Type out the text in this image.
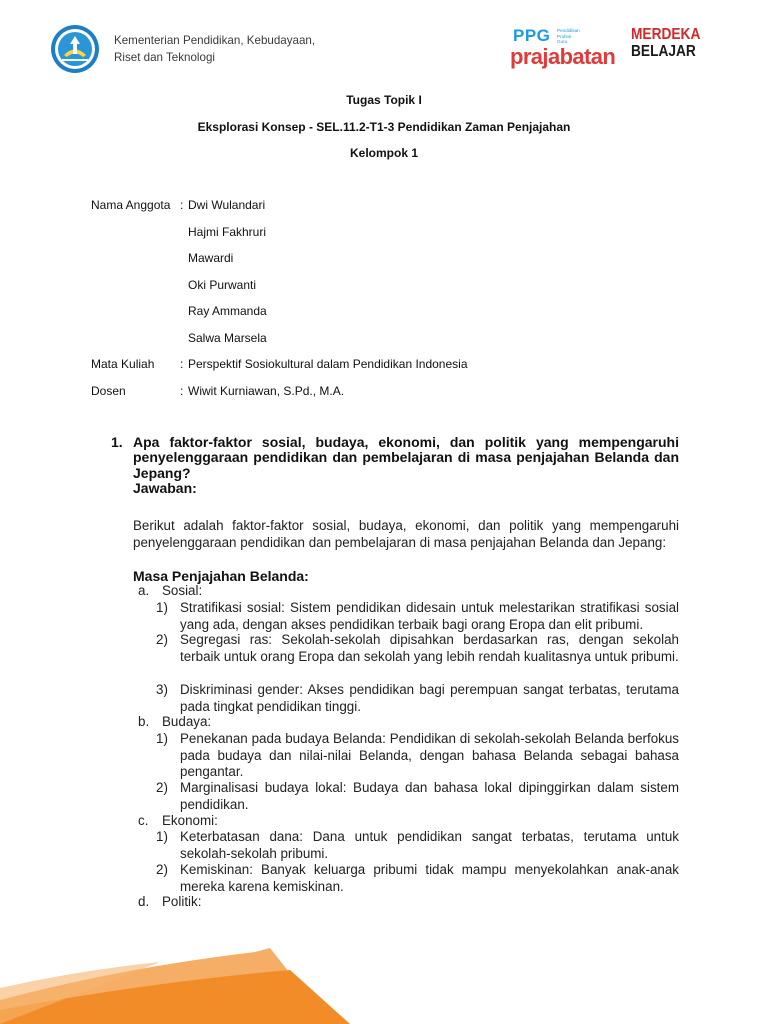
Kementerian Pendidikan, Kebudayaan,
Riset dan Teknologi
PPG Pendidikan
Profesi
Guru
prajabatan
MERDEKA
BELAJAR
Tugas Topik I
Eksplorasi Konsep - SEL.11.2-T1-3 Pendidikan Zaman Penjajahan
Kelompok 1
Nama Anggota : Dwi Wulandari
Hajmi Fakhruri
Mawardi
Oki Purwanti
Ray Ammanda
Salwa Marsela
Mata Kuliah : Perspektif Sosiokultural dalam Pendidikan Indonesia
Dosen	: Wiwit Kurniawan, S.Pd., M.A.
1. Apa faktor-faktor sosial, budaya, ekonomi, dan politik yang mempengaruhi penyelenggaraan pendidikan dan pembelajaran di masa penjajahan Belanda dan Jepang?
Jawaban:
Berikut adalah faktor-faktor sosial, budaya, ekonomi, dan politik yang mempengaruhi penyelenggaraan pendidikan dan pembelajaran di masa penjajahan Belanda dan Jepang:
Masa Penjajahan Belanda:
a. Sosial:
1) Stratifikasi sosial: Sistem pendidikan didesain untuk melestarikan stratifikasi sosial yang ada, dengan akses pendidikan terbaik bagi orang Eropa dan elit pribumi.
2) Segregasi ras: Sekolah-sekolah dipisahkan berdasarkan ras, dengan sekolah terbaik untuk orang Eropa dan sekolah yang lebih rendah kualitasnya untuk pribumi.
3) Diskriminasi gender: Akses pendidikan bagi perempuan sangat terbatas, terutama pada tingkat pendidikan tinggi.
b. Budaya:
1) Penekanan pada budaya Belanda: Pendidikan di sekolah-sekolah Belanda berfokus pada budaya dan nilai-nilai Belanda, dengan bahasa Belanda sebagai bahasa pengantar.
2) Marginalisasi budaya lokal: Budaya dan bahasa lokal dipinggirkan dalam sistem pendidikan.
c. Ekonomi:
1) Keterbatasan dana: Dana untuk pendidikan sangat terbatas, terutama untuk sekolah-sekolah pribumi.
2) Kemiskinan: Banyak keluarga pribumi tidak mampu menyekolahkan anak-anak mereka karena kemiskinan.
d. Politik:
